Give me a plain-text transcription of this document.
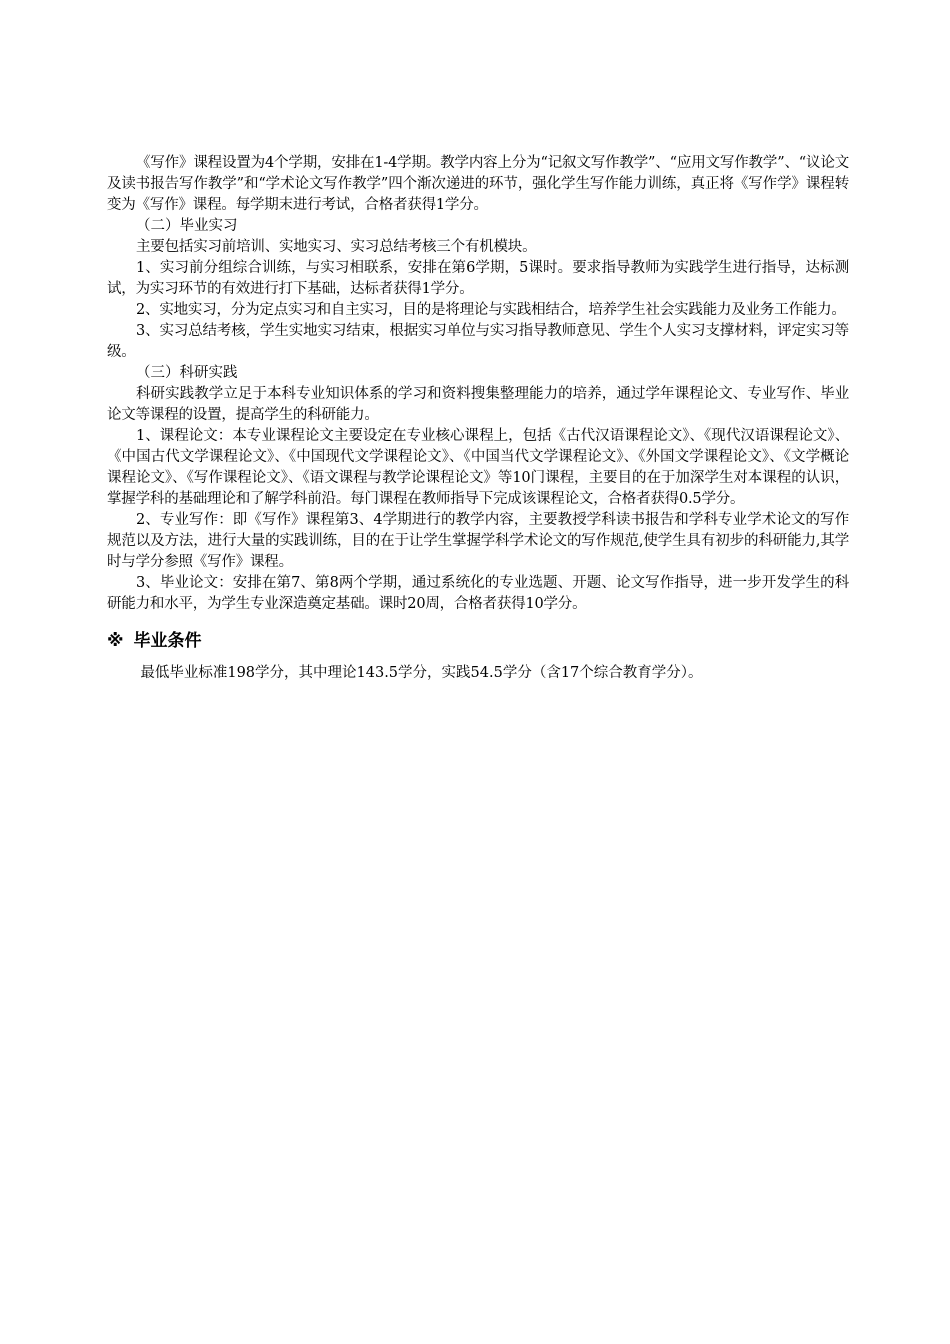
《写作》课程设置为4个学期，安排在1-4学期。教学内容上分为“记叙文写作教学”、“应用文写作教学”、“议论文及读书报告写作教学”和“学术论文写作教学”四个渐次递进的环节，强化学生写作能力训练，真正将《写作学》课程转变为《写作》课程。每学期末进行考试，合格者获得1学分。

（二）毕业实习

主要包括实习前培训、实地实习、实习总结考核三个有机模块。

1、实习前分组综合训练，与实习相联系，安排在第6学期，5课时。要求指导教师为实践学生进行指导，达标测试，为实习环节的有效进行打下基础，达标者获得1学分。

2、实地实习，分为定点实习和自主实习，目的是将理论与实践相结合，培养学生社会实践能力及业务工作能力。

3、实习总结考核，学生实地实习结束，根据实习单位与实习指导教师意见、学生个人实习支撑材料，评定实习等级。

（三）科研实践

科研实践教学立足于本科专业知识体系的学习和资料搜集整理能力的培养，通过学年课程论文、专业写作、毕业论文等课程的设置，提高学生的科研能力。

1、课程论文：本专业课程论文主要设定在专业核心课程上，包括《古代汉语课程论文》、《现代汉语课程论文》、《中国古代文学课程论文》、《中国现代文学课程论文》、《中国当代文学课程论文》、《外国文学课程论文》、《文学概论课程论文》、《写作课程论文》、《语文课程与教学论课程论文》等10门课程，主要目的在于加深学生对本课程的认识，掌握学科的基础理论和了解学科前沿。每门课程在教师指导下完成该课程论文，合格者获得0.5学分。

2、专业写作：即《写作》课程第3、4学期进行的教学内容，主要教授学科读书报告和学科专业学术论文的写作规范以及方法，进行大量的实践训练，目的在于让学生掌握学科学术论文的写作规范,使学生具有初步的科研能力,其学时与学分参照《写作》课程。

3、毕业论文：安排在第7、第8两个学期，通过系统化的专业选题、开题、论文写作指导，进一步开发学生的科研能力和水平，为学生专业深造奠定基础。课时20周，合格者获得10学分。

※ 毕业条件

最低毕业标准198学分，其中理论143.5学分，实践54.5学分（含17个综合教育学分）。
